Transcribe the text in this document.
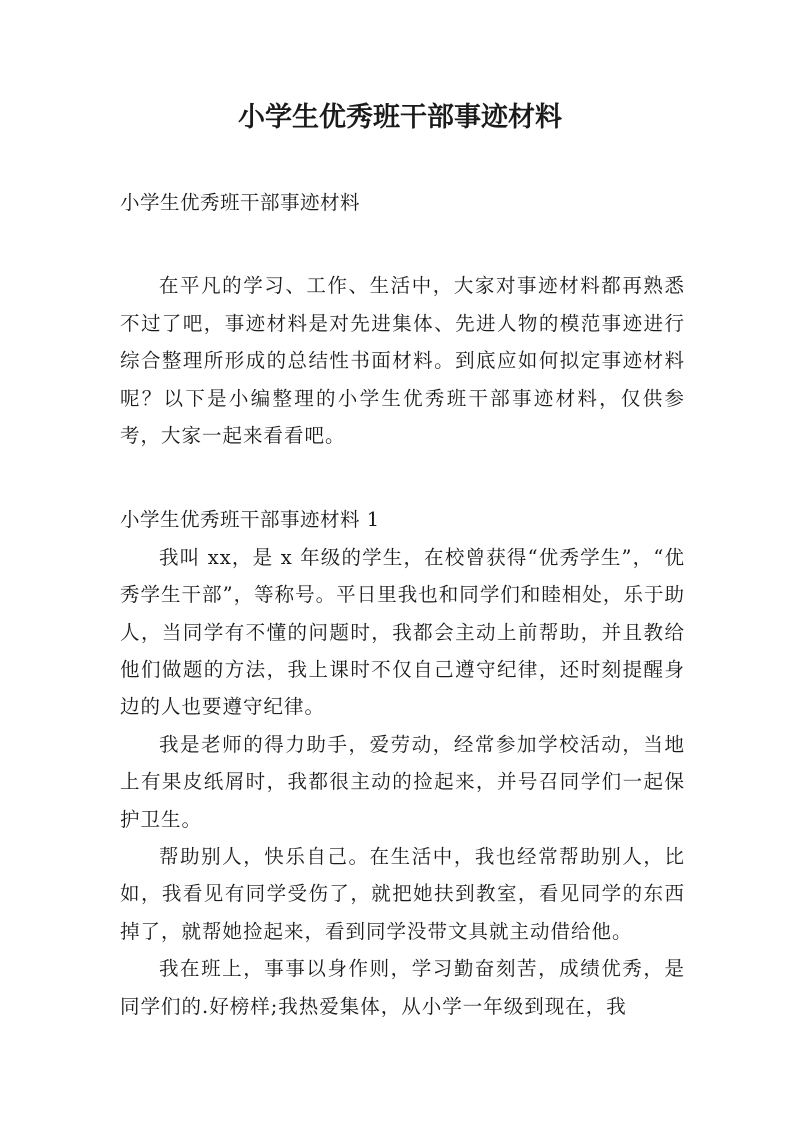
小学生优秀班干部事迹材料

小学生优秀班干部事迹材料

在平凡的学习、工作、生活中，大家对事迹材料都再熟悉不过了吧，事迹材料是对先进集体、先进人物的模范事迹进行综合整理所形成的总结性书面材料。到底应如何拟定事迹材料呢？以下是小编整理的小学生优秀班干部事迹材料，仅供参考，大家一起来看看吧。

小学生优秀班干部事迹材料 1

我叫 xx，是 x 年级的学生，在校曾获得“优秀学生”，“优秀学生干部”，等称号。平日里我也和同学们和睦相处，乐于助人，当同学有不懂的问题时，我都会主动上前帮助，并且教给他们做题的方法，我上课时不仅自己遵守纪律，还时刻提醒身边的人也要遵守纪律。

我是老师的得力助手，爱劳动，经常参加学校活动，当地上有果皮纸屑时，我都很主动的捡起来，并号召同学们一起保护卫生。

帮助别人，快乐自己。在生活中，我也经常帮助别人，比如，我看见有同学受伤了，就把她扶到教室，看见同学的东西掉了，就帮她捡起来，看到同学没带文具就主动借给他。

我在班上，事事以身作则，学习勤奋刻苦，成绩优秀，是同学们的.好榜样;我热爱集体，从小学一年级到现在，我
